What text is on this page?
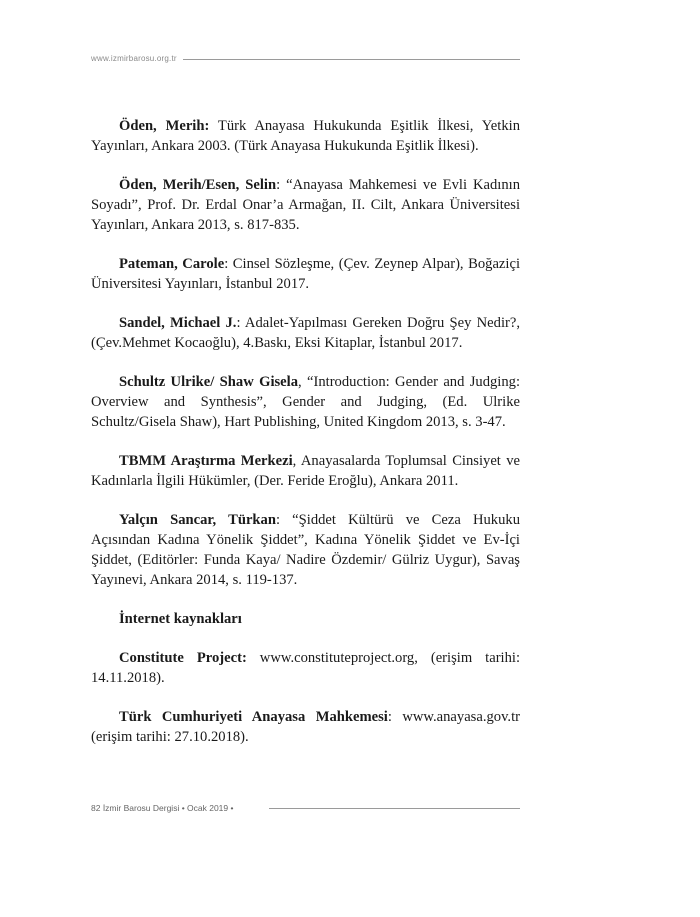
www.izmirbarosu.org.tr

Öden, Merih: Türk Anayasa Hukukunda Eşitlik İlkesi, Yetkin Yayınları, Ankara 2003. (Türk Anayasa Hukukunda Eşitlik İlkesi).

Öden, Merih/Esen, Selin: “Anayasa Mahkemesi ve Evli Kadının Soyadı”, Prof. Dr. Erdal Onar’a Armağan, II. Cilt, Ankara Üniversitesi Yayınları, Ankara 2013, s. 817-835.

Pateman, Carole: Cinsel Sözleşme, (Çev. Zeynep Alpar), Boğaziçi Üniversitesi Yayınları, İstanbul 2017.

Sandel, Michael J.: Adalet-Yapılması Gereken Doğru Şey Nedir?, (Çev.Mehmet Kocaoğlu), 4.Baskı, Eksi Kitaplar, İstanbul 2017.

Schultz Ulrike/ Shaw Gisela, “Introduction: Gender and Judging: Overview and Synthesis”, Gender and Judging, (Ed. Ulrike Schultz/Gisela Shaw), Hart Publishing, United Kingdom 2013, s. 3-47.

TBMM Araştırma Merkezi, Anayasalarda Toplumsal Cinsiyet ve Kadınlarla İlgili Hükümler, (Der. Feride Eroğlu), Ankara 2011.

Yalçın Sancar, Türkan: “Şiddet Kültürü ve Ceza Hukuku Açısından Kadına Yönelik Şiddet”, Kadına Yönelik Şiddet ve Ev-İçi Şiddet, (Editörler: Funda Kaya/ Nadire Özdemir/ Gülriz Uygur), Savaş Yayınevi, Ankara 2014, s. 119-137.

İnternet kaynakları

Constitute Project: www.constituteproject.org, (erişim tarihi: 14.11.2018).

Türk Cumhuriyeti Anayasa Mahkemesi: www.anayasa.gov.tr (erişim tarihi: 27.10.2018).

82 İzmir Barosu Dergisi • Ocak 2019 •
